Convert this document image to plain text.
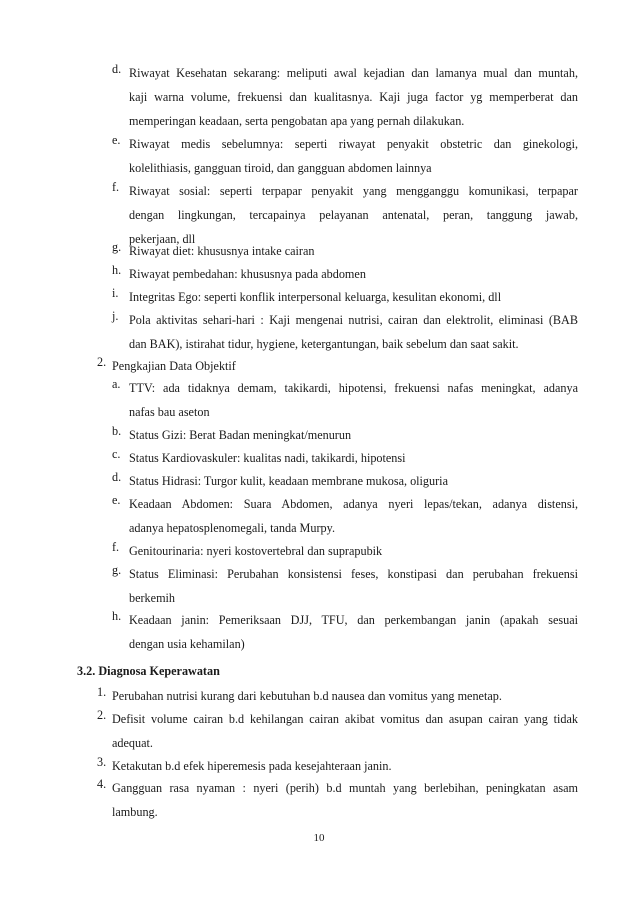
d. Riwayat Kesehatan sekarang: meliputi awal kejadian dan lamanya mual dan muntah,
kaji warna volume, frekuensi dan kualitasnya. Kaji juga factor yg memperberat dan
memperingan keadaan, serta pengobatan apa yang pernah dilakukan.
e. Riwayat medis sebelumnya: seperti riwayat penyakit obstetric dan ginekologi,
kolelithiasis, gangguan tiroid, dan gangguan abdomen lainnya
f. Riwayat sosial: seperti terpapar penyakit yang mengganggu komunikasi, terpapar
dengan lingkungan, tercapainya pelayanan antenatal, peran, tanggung jawab,
pekerjaan, dll
g. Riwayat diet: khususnya intake cairan
h. Riwayat pembedahan: khususnya pada abdomen
i. Integritas Ego: seperti konflik interpersonal keluarga, kesulitan ekonomi, dll
j. Pola aktivitas sehari-hari : Kaji mengenai nutrisi, cairan dan elektrolit, eliminasi (BAB
dan BAK), istirahat tidur, hygiene, ketergantungan, baik sebelum dan saat sakit.
2. Pengkajian Data Objektif
a. TTV: ada tidaknya demam, takikardi, hipotensi, frekuensi nafas meningkat, adanya
nafas bau aseton
b. Status Gizi: Berat Badan meningkat/menurun
c. Status Kardiovaskuler: kualitas nadi, takikardi, hipotensi
d. Status Hidrasi: Turgor kulit, keadaan membrane mukosa, oliguria
e. Keadaan Abdomen: Suara Abdomen, adanya nyeri lepas/tekan, adanya distensi,
adanya hepatosplenomegali, tanda Murpy.
f. Genitourinaria: nyeri kostovertebral dan suprapubik
g. Status Eliminasi: Perubahan konsistensi feses, konstipasi dan perubahan frekuensi
berkemih
h. Keadaan janin: Pemeriksaan DJJ, TFU, dan perkembangan janin (apakah sesuai
dengan usia kehamilan)
3.2. Diagnosa Keperawatan
1. Perubahan nutrisi kurang dari kebutuhan b.d nausea dan vomitus yang menetap.
2. Defisit volume cairan b.d kehilangan cairan akibat vomitus dan asupan cairan yang tidak
adequat.
3. Ketakutan b.d efek hiperemesis pada kesejahteraan janin.
4. Gangguan rasa nyaman : nyeri (perih) b.d muntah yang berlebihan, peningkatan asam
lambung.
10
